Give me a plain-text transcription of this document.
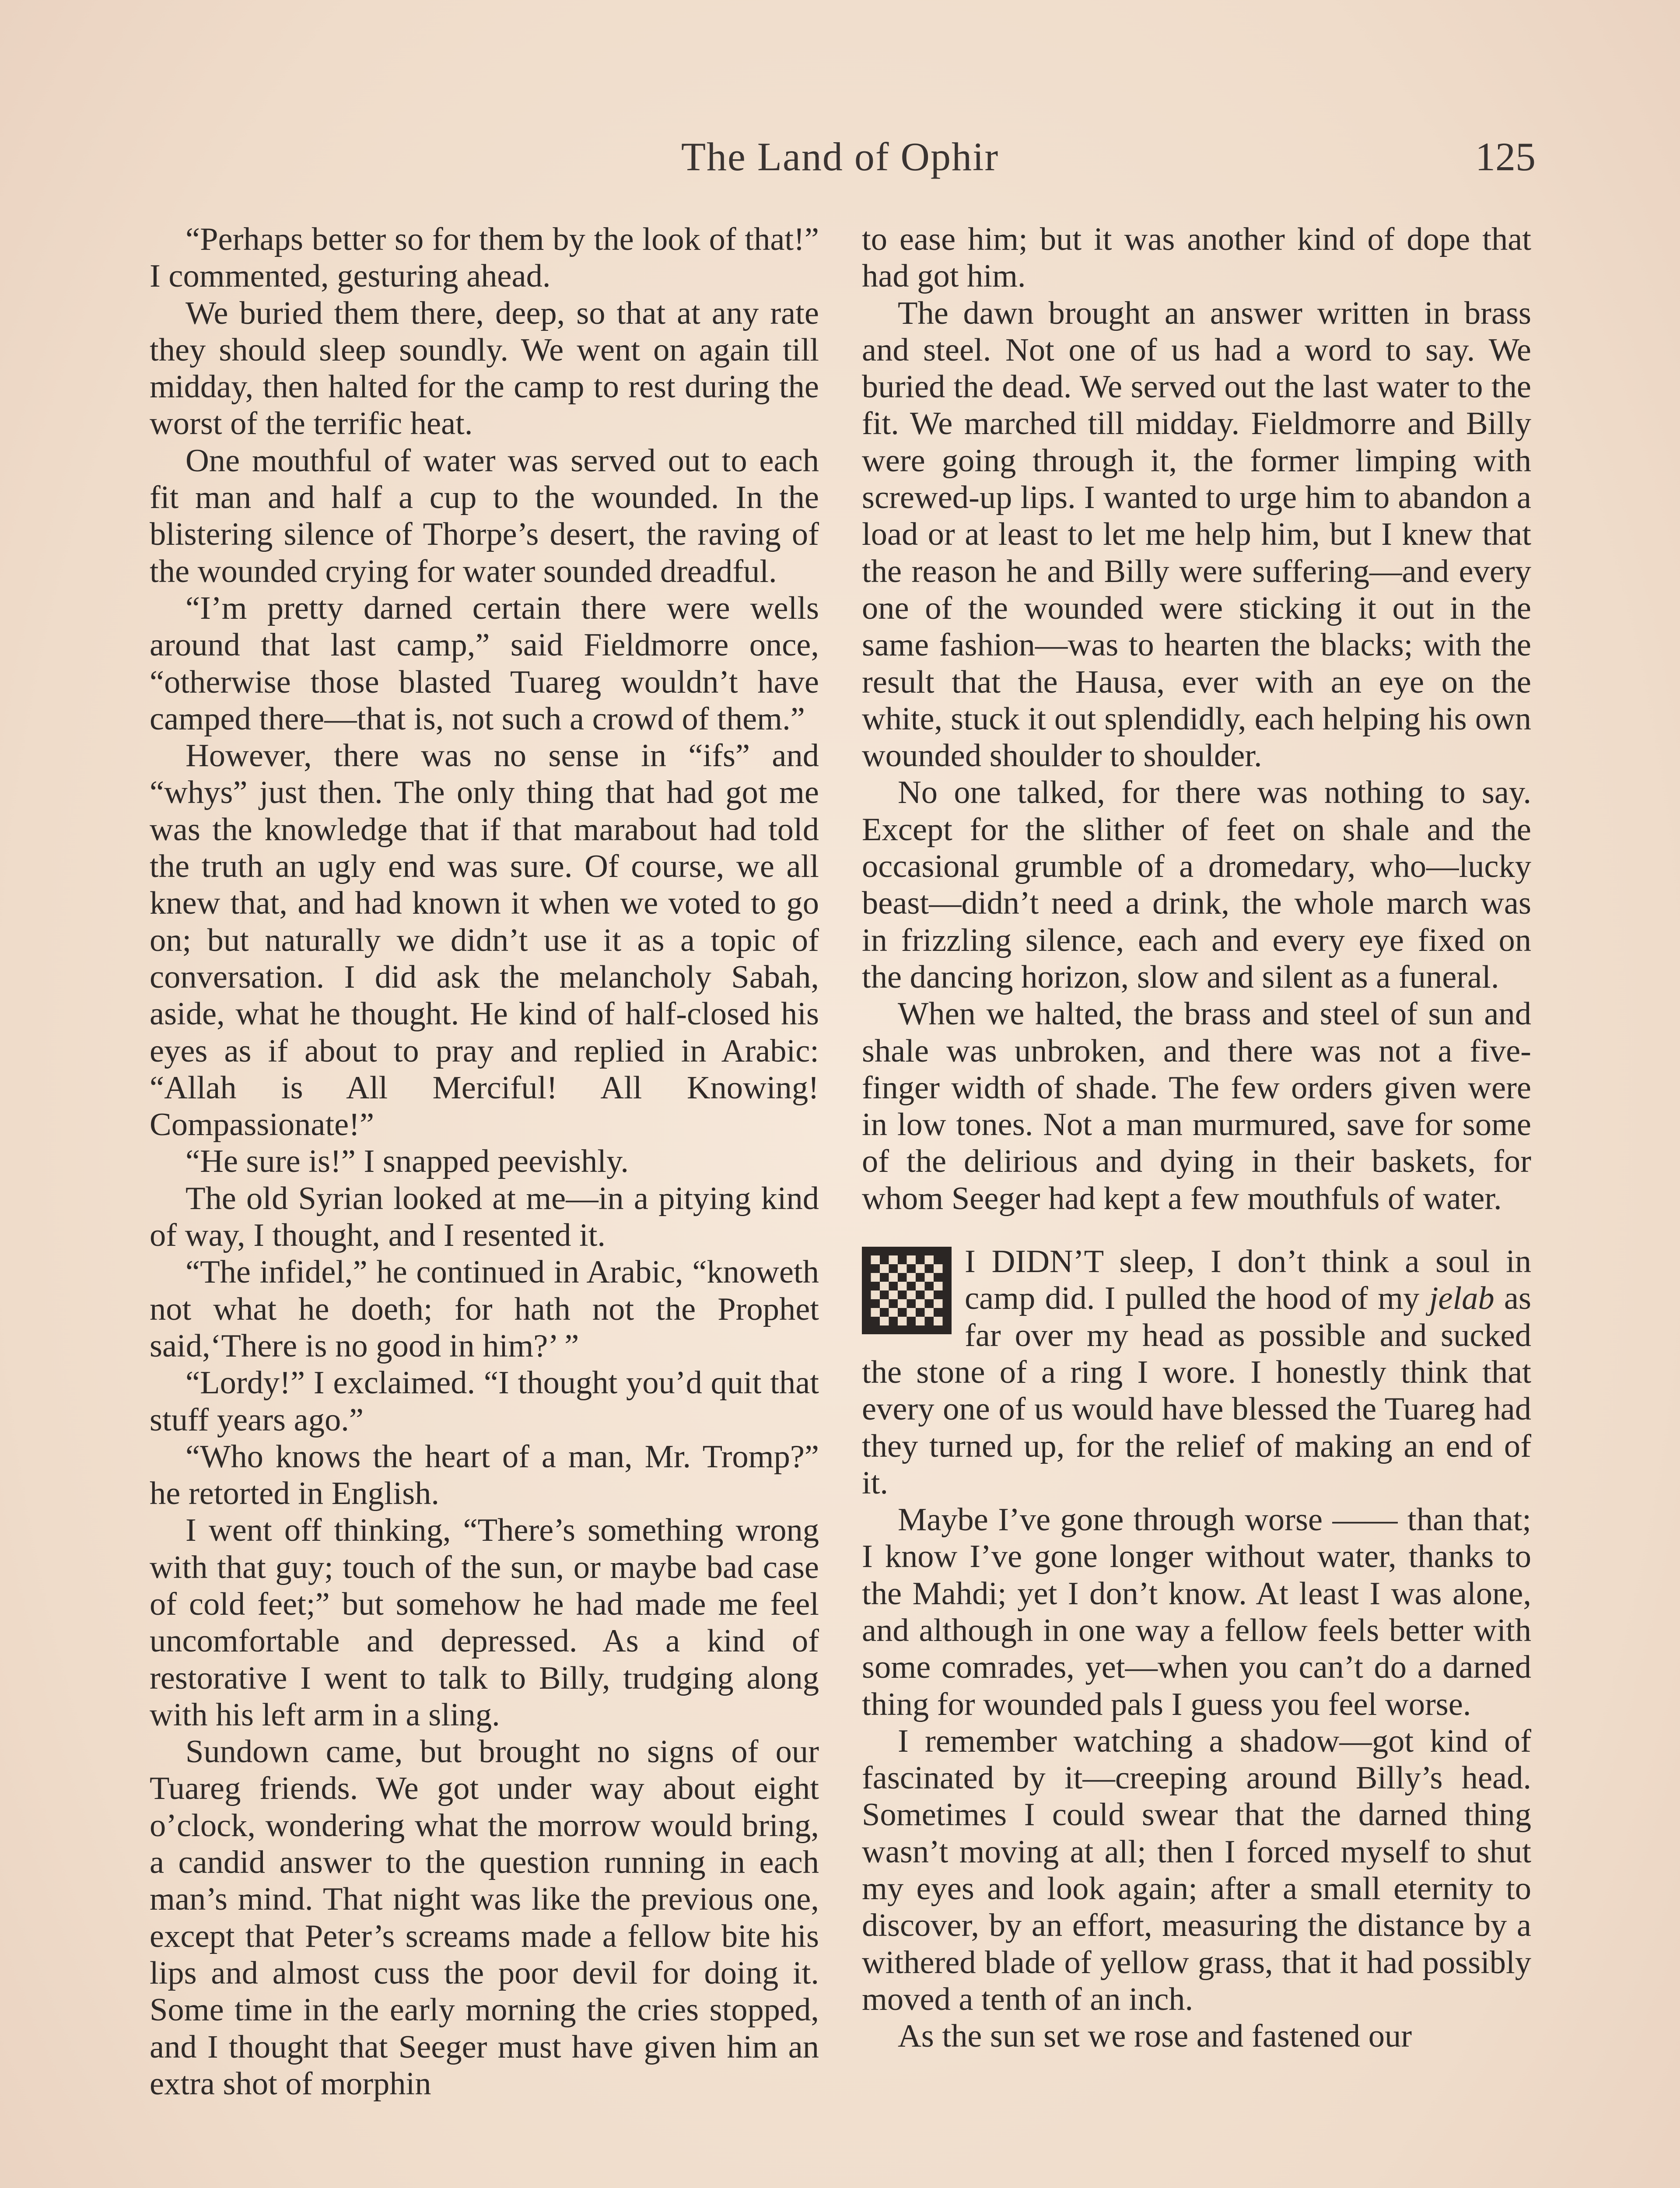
The Land of Ophir	125

“Perhaps better so for them by the look of that!” I commented, gesturing ahead.

We buried them there, deep, so that at any rate they should sleep soundly. We went on again till midday, then halted for the camp to rest during the worst of the terrific heat.

One mouthful of water was served out to each fit man and half a cup to the wounded. In the blistering silence of Thorpe’s desert, the raving of the wounded crying for water sounded dreadful.

“I’m pretty darned certain there were wells around that last camp,” said Fieldmorre once, “otherwise those blasted Tuareg wouldn’t have camped there—that is, not such a crowd of them.”

However, there was no sense in “ifs” and “whys” just then. The only thing that had got me was the knowledge that if that marabout had told the truth an ugly end was sure. Of course, we all knew that, and had known it when we voted to go on; but naturally we didn’t use it as a topic of conversation. I did ask the melancholy Sabah, aside, what he thought. He kind of half-closed his eyes as if about to pray and replied in Arabic: “Allah is All Merciful! All Knowing! Compassionate!”

“He sure is!” I snapped peevishly.

The old Syrian looked at me—in a pitying kind of way, I thought, and I resented it.

“The infidel,” he continued in Arabic, “knoweth not what he doeth; for hath not the Prophet said,‘There is no good in him?’ ”

“Lordy!” I exclaimed. “I thought you’d quit that stuff years ago.”

“Who knows the heart of a man, Mr. Tromp?” he retorted in English.

I went off thinking, “There’s something wrong with that guy; touch of the sun, or maybe bad case of cold feet;” but somehow he had made me feel uncomfortable and depressed. As a kind of restorative I went to talk to Billy, trudging along with his left arm in a sling.

Sundown came, but brought no signs of our Tuareg friends. We got under way about eight o’clock, wondering what the morrow would bring, a candid answer to the question running in each man’s mind. That night was like the previous one, except that Peter’s screams made a fellow bite his lips and almost cuss the poor devil for doing it. Some time in the early morning the cries stopped, and I thought that Seeger must have given him an extra shot of morphin

to ease him; but it was another kind of dope that had got him.

The dawn brought an answer written in brass and steel. Not one of us had a word to say. We buried the dead. We served out the last water to the fit. We marched till midday. Fieldmorre and Billy were going through it, the former limping with screwed-up lips. I wanted to urge him to abandon a load or at least to let me help him, but I knew that the reason he and Billy were suffering—and every one of the wounded were sticking it out in the same fashion—was to hearten the blacks; with the result that the Hausa, ever with an eye on the white, stuck it out splendidly, each helping his own wounded shoulder to shoulder.

No one talked, for there was nothing to say. Except for the slither of feet on shale and the occasional grumble of a dromedary, who—lucky beast—didn’t need a drink, the whole march was in frizzling silence, each and every eye fixed on the dancing horizon, slow and silent as a funeral.

When we halted, the brass and steel of sun and shale was unbroken, and there was not a five-finger width of shade. The few orders given were in low tones. Not a man murmured, save for some of the delirious and dying in their baskets, for whom Seeger had kept a few mouthfuls of water.

I DIDN’T sleep, I don’t think a soul in camp did. I pulled the hood of my jelab as far over my head as possible and sucked the stone of a ring I wore. I honestly think that every one of us would have blessed the Tuareg had they turned up, for the relief of making an end of it.

Maybe I’ve gone through worse —— than that; I know I’ve gone longer without water, thanks to the Mahdi; yet I don’t know. At least I was alone, and although in one way a fellow feels better with some comrades, yet—when you can’t do a darned thing for wounded pals I guess you feel worse.

I remember watching a shadow—got kind of fascinated by it—creeping around Billy’s head. Sometimes I could swear that the darned thing wasn’t moving at all; then I forced myself to shut my eyes and look again; after a small eternity to discover, by an effort, measuring the distance by a withered blade of yellow grass, that it had possibly moved a tenth of an inch.

As the sun set we rose and fastened our
